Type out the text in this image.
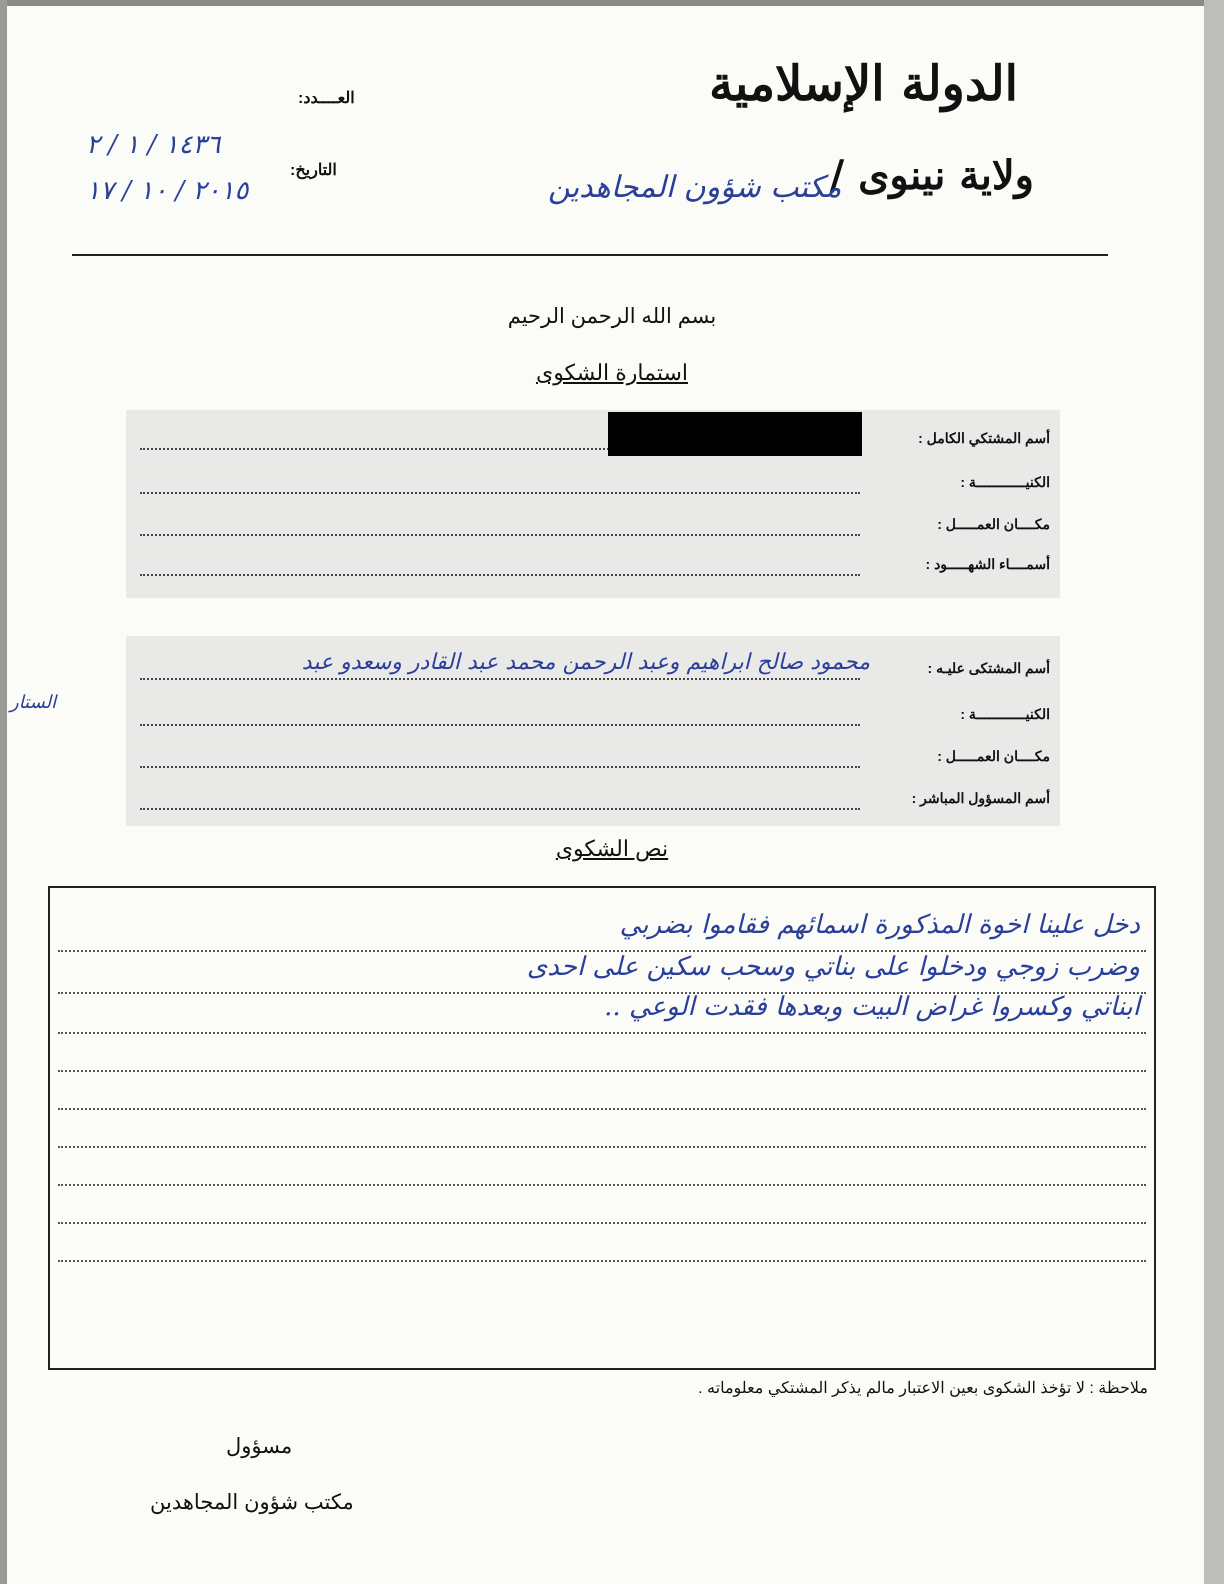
الدولة الإسلامية
ولاية نينوى /
مكتب شؤون المجاهدين
العــــدد:
التاريخ:
١٤٣٦ / ١ / ٢
٢٠١٥ / ١٠ / ١٧
بسم الله الرحمن الرحيم
استمارة الشكوى
أسم المشتكي الكامل :
الكنيــــــــــــة :
مكــــان العمـــــل :
أسمــــاء الشهـــــود :
أسم المشتكى عليـه :
محمود صالح ابراهيم وعبد الرحمن محمد عبد القادر وسعدو عبد
الستار
الكنيــــــــــــة :
مكــــان العمـــــل :
أسم المسؤول المباشر :
نص الشكوى
دخل علينا اخوة المذكورة اسمائهم فقاموا بضربي
وضرب زوجي ودخلوا على بناتي وسحب سكين على احدى
ابناتي وكسروا غراض البيت وبعدها فقدت الوعي ..
ملاحظة : لا تؤخذ الشكوى بعين الاعتبار مالم يذكر المشتكي معلوماته .
مسؤول
مكتب شؤون المجاهدين
